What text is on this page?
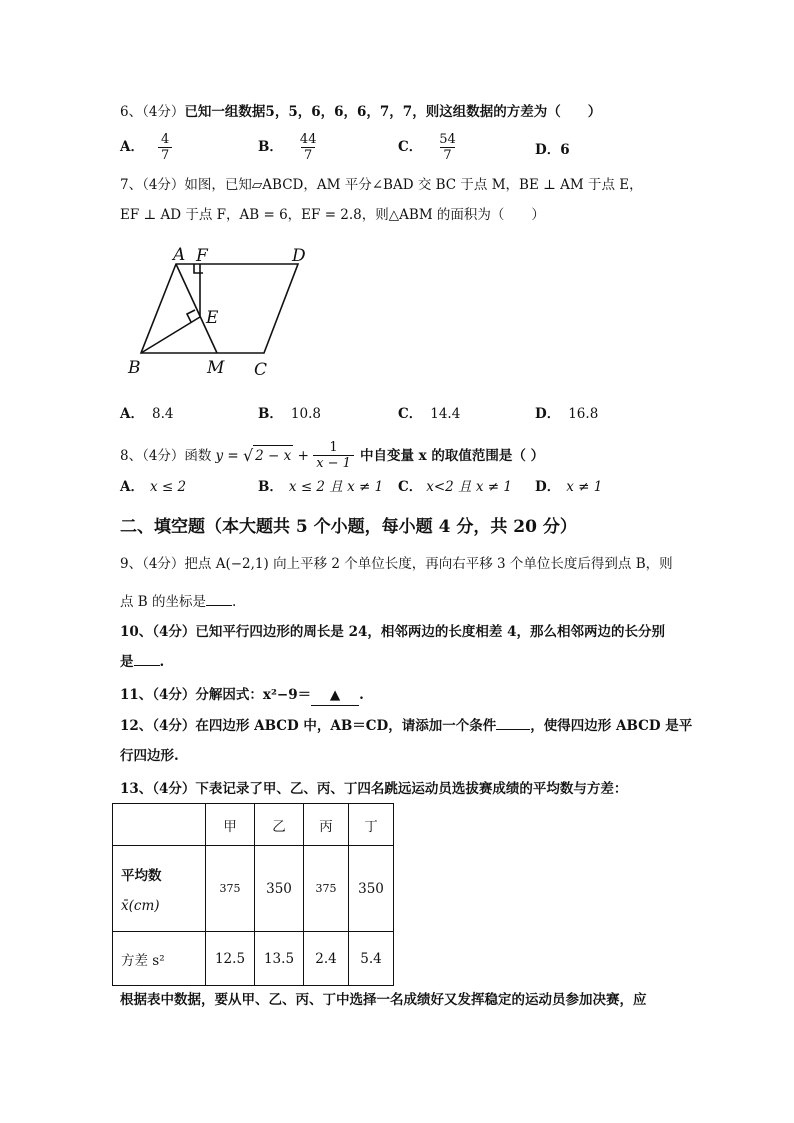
6、（4分）已知一组数据5，5，6，6，6，7，7，则这组数据的方差为（　　）
A． $\frac{4}{7}$	B． $\frac{44}{7}$	C． $\frac{54}{7}$	D．6
7、（4分）如图，已知▱ABCD，AM 平分∠BAD 交 BC 于点 M，BE ⊥ AM 于点 E，
EF ⊥ AD 于点 F，AB = 6，EF = 2.8，则△ABM 的面积为（　　）
A F	D
E
B	M C
A． 8.4	B． 10.8	C． 14.4	D． 16.8
8、（4分）函数 y = √ $2 - x + \frac{1}{x - 1}$ 中自变量 x 的取值范围是（ ）
A． x ≤ 2	B． x ≤ 2 且 x ≠ 1 C． x<2 且 x ≠ 1 D． x ≠ 1
二、填空题（本大题共 5 个小题，每小题 4 分，共 20 分）
9、（4分）把点 A(−2,1) 向上平移 2 个单位长度，再向右平移 3 个单位长度后得到点 B，则
点 B 的坐标是 .
10、（4分）已知平行四边形的周长是 24，相邻两边的长度相差 4，那么相邻两边的长分别
是 .
11、（4分）分解因式：x²−9＝ ▲ .
12、（4分）在四边形 ABCD 中，AB＝CD，请添加一个条件	，使得四边形 ABCD 是平
行四边形.
13、（4分）下表记录了甲、乙、丙、丁四名跳远运动员选拔赛成绩的平均数与方差：
	甲	乙	丙	丁

平均数
x̄(cm)	375	350	375	350
方差 s²	12.5	13.5	2.4	5.4
根据表中数据，要从甲、乙、丙、丁中选择一名成绩好又发挥稳定的运动员参加决赛，应
